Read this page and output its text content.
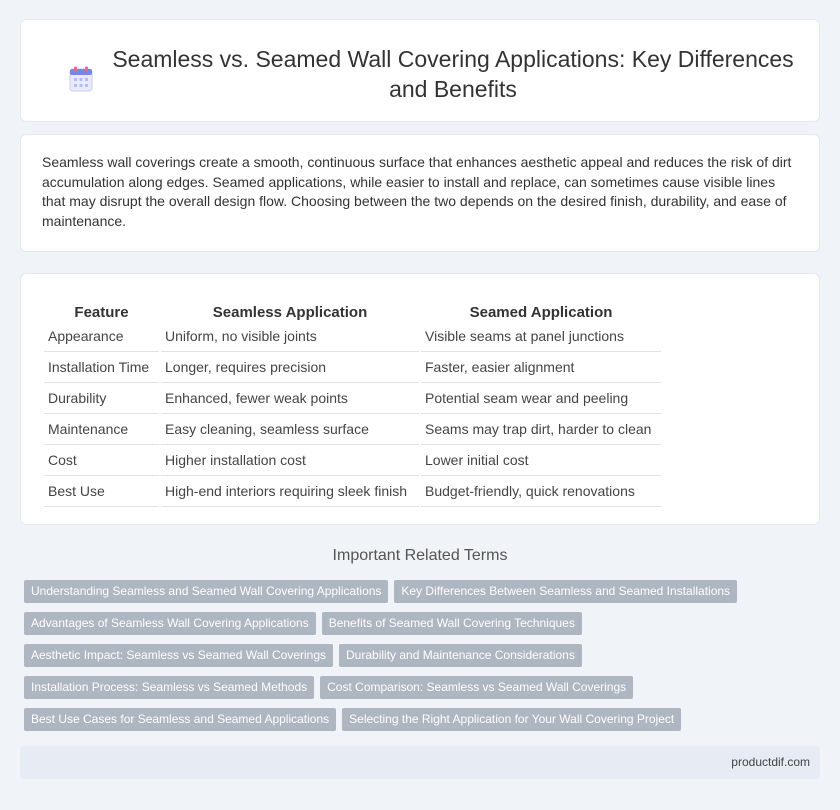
Seamless vs. Seamed Wall Covering Applications: Key Differences and Benefits

Seamless wall coverings create a smooth, continuous surface that enhances aesthetic appeal and reduces the risk of dirt accumulation along edges. Seamed applications, while easier to install and replace, can sometimes cause visible lines that may disrupt the overall design flow. Choosing between the two depends on the desired finish, durability, and ease of maintenance.

Feature	Seamless Application	Seamed Application
Appearance	Uniform, no visible joints	Visible seams at panel junctions
Installation Time	Longer, requires precision	Faster, easier alignment
Durability	Enhanced, fewer weak points	Potential seam wear and peeling
Maintenance	Easy cleaning, seamless surface	Seams may trap dirt, harder to clean
Cost	Higher installation cost	Lower initial cost
Best Use	High-end interiors requiring sleek finish	Budget-friendly, quick renovations
Important Related Terms
Understanding Seamless and Seamed Wall Covering Applications Key Differences Between Seamless and Seamed Installations
Advantages of Seamless Wall Covering Applications Benefits of Seamed Wall Covering Techniques
Aesthetic Impact: Seamless vs Seamed Wall Coverings Durability and Maintenance Considerations
Installation Process: Seamless vs Seamed Methods Cost Comparison: Seamless vs Seamed Wall Coverings
Best Use Cases for Seamless and Seamed Applications Selecting the Right Application for Your Wall Covering Project
productdif.com
